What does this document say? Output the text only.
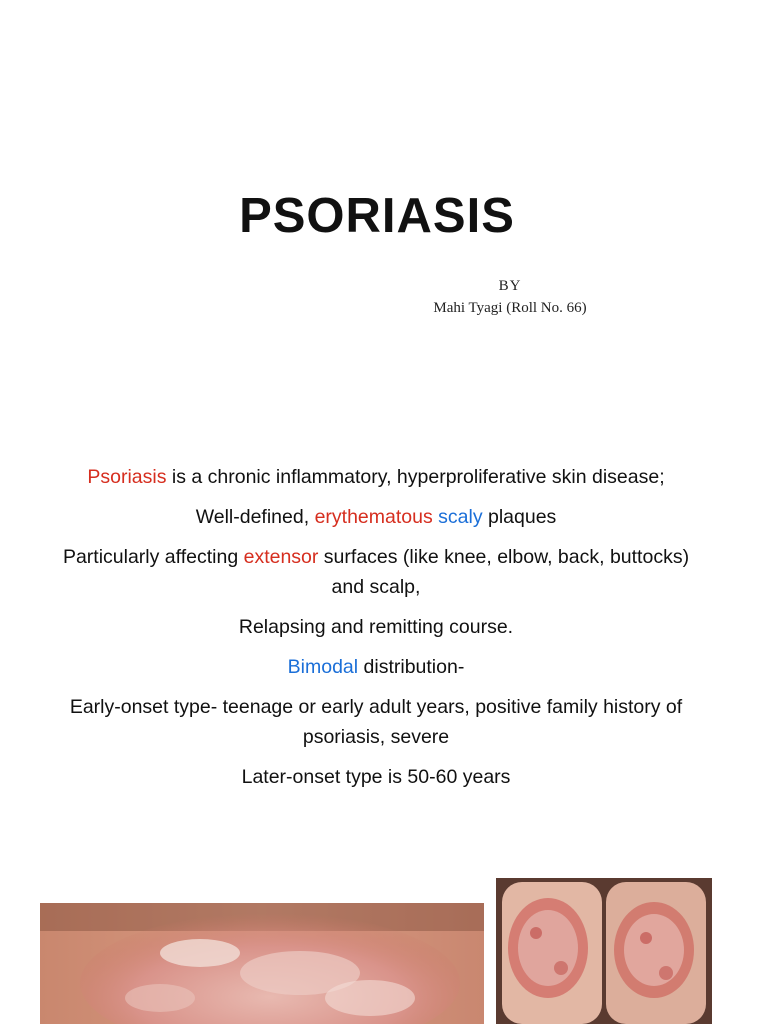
PSORIASIS
BY
Mahi Tyagi (Roll No. 66)

Psoriasis is a chronic inflammatory, hyperproliferative skin disease;

Well-defined, erythematous scaly plaques

Particularly affecting extensor surfaces (like knee, elbow, back, buttocks) and scalp,

Relapsing and remitting course.

Bimodal distribution-

Early-onset type- teenage or early adult years, positive family history of psoriasis, severe

Later-onset type is 50-60 years
